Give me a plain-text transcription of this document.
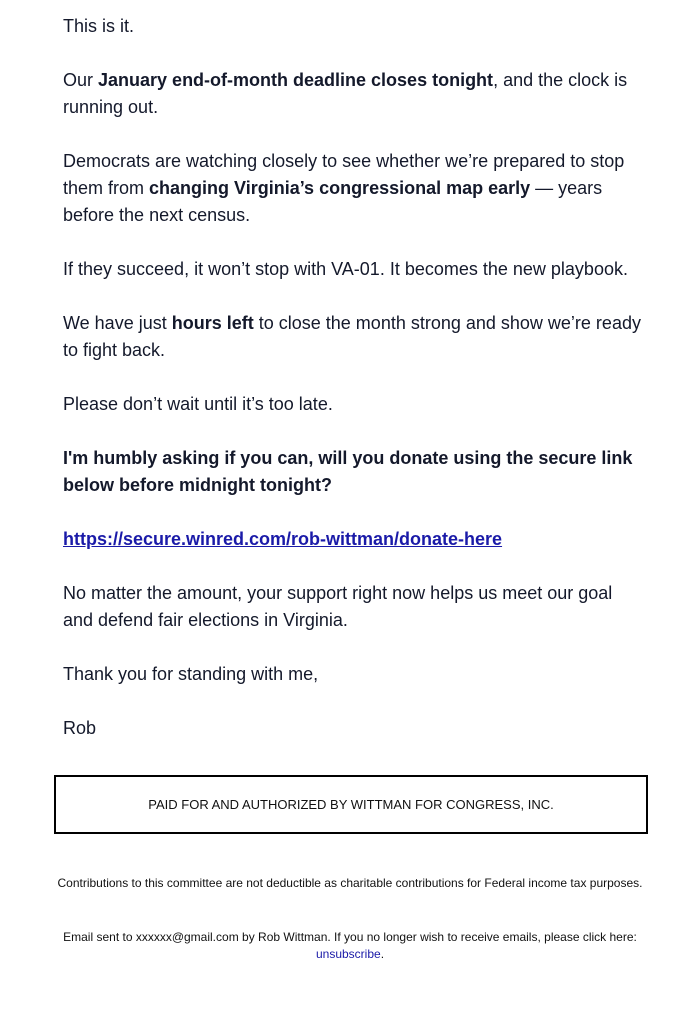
This is it.

Our January end-of-month deadline closes tonight, and the clock is running out.

Democrats are watching closely to see whether we’re prepared to stop them from changing Virginia’s congressional map early — years before the next census.

If they succeed, it won’t stop with VA-01. It becomes the new playbook.

We have just hours left to close the month strong and show we’re ready to fight back.

Please don’t wait until it’s too late.

I'm humbly asking if you can, will you donate using the secure link below before midnight tonight?

https://secure.winred.com/rob-wittman/donate-here

No matter the amount, your support right now helps us meet our goal and defend fair elections in Virginia.

Thank you for standing with me,

Rob

PAID FOR AND AUTHORIZED BY WITTMAN FOR CONGRESS, INC.
Contributions to this committee are not deductible as charitable contributions for Federal income tax purposes.
Email sent to xxxxxx@gmail.com by Rob Wittman. If you no longer wish to receive emails, please click here:
unsubscribe.
